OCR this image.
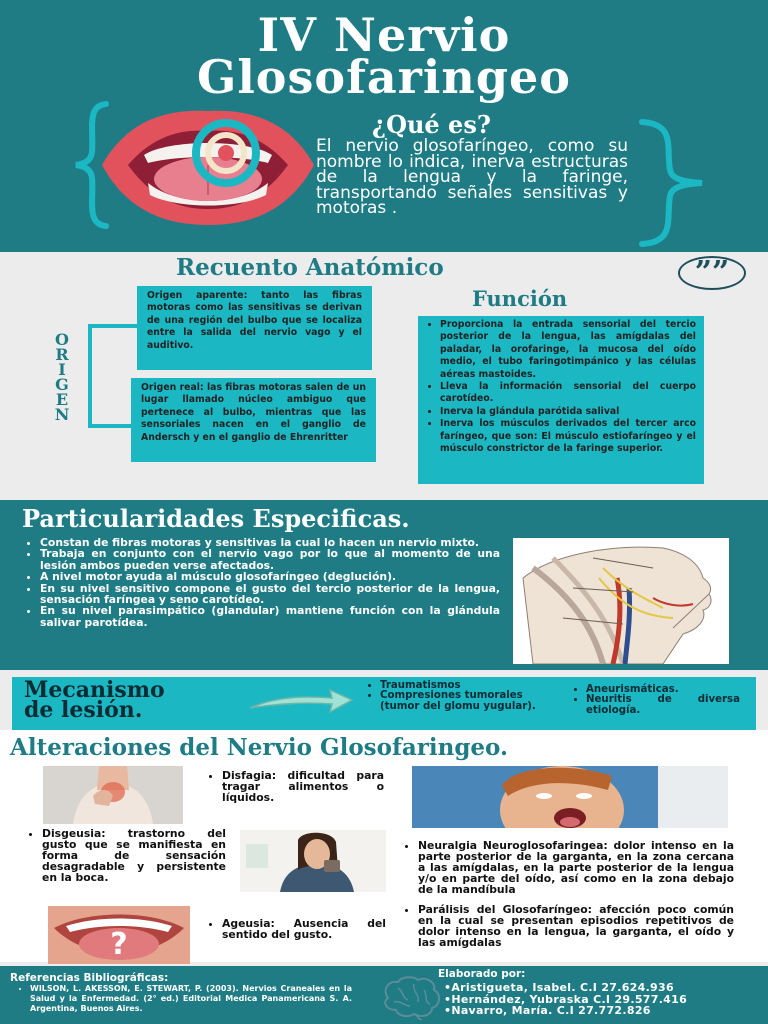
IV Nervio
Glosofaringeo
¿Qué es?
El nervio glosofaríngeo, como su nombre lo indica, inerva estructuras de la lengua y la faringe, transportando señales sensitivas y motoras .
Recuento Anatómico	””
O
R
I
G
E
N
Origen aparente: tanto las fibras motoras como las sensitivas se derivan de una región del bulbo que se localiza entre la salida del nervio vago y el auditivo.
Origen real: las fibras motoras salen de un lugar llamado núcleo ambiguo que pertenece al bulbo, mientras que las sensoriales nacen en el ganglio de Andersch y en el ganglio de Ehrenritter
Función
• Proporciona la entrada sensorial del tercio posterior de la lengua, las amígdalas del paladar, la orofaringe, la mucosa del oído medio, el tubo faringotimpánico y las células aéreas mastoides.
• Lleva la información sensorial del cuerpo carotídeo.
• Inerva la glándula parótida salival
• Inerva los músculos derivados del tercer arco faríngeo, que son: El músculo estiofaríngeo y el músculo constrictor de la faringe superior.
Particularidades Especificas.
• Constan de fibras motoras y sensitivas la cual lo hacen un nervio mixto.
• Trabaja en conjunto con el nervio vago por lo que al momento de una lesión ambos pueden verse afectados.
• A nivel motor ayuda al músculo glosofaríngeo (deglución).
• En su nivel sensitivo compone el gusto del tercio posterior de la lengua, sensación faríngea y seno carotídeo.
• En su nivel parasimpático (glandular) mantiene función con la glándula salivar parotídea.
Mecanismo
de lesión.
• Traumatismos
• Compresiones tumorales (tumor del glomu yugular).
• Aneurismáticas.
• Neuritis de diversa etiología.
Alteraciones del Nervio Glosofaringeo.
• Disfagia: dificultad para tragar alimentos o líquidos.
• Disgeusia: trastorno del gusto que se manifiesta en forma de sensación desagradable y persistente en la boca.
• Neuralgia Neuroglosofaringea: dolor intenso en la parte posterior de la garganta, en la zona cercana a las amígdalas, en la parte posterior de la lengua y/o en parte del oído, así como en la zona debajo de la mandíbula
?
• Ageusia: Ausencia del sentido del gusto.
• Parálisis del Glosofaríngeo: afección poco común en la cual se presentan episodios repetitivos de dolor intenso en la lengua, la garganta, el oído y las amígdalas
Referencias Bibliográficas:
• WILSON, L. AKESSON, E. STEWART, P. (2003). Nervios Craneales en la Salud y la Enfermedad. (2° ed.) Editorial Medica Panamericana S. A. Argentina, Buenos Aires.
Elaborado por:
•Aristigueta, Isabel. C.I 27.624.936
•Hernández, Yubraska C.I 29.577.416
•Navarro, María. C.I 27.772.826
